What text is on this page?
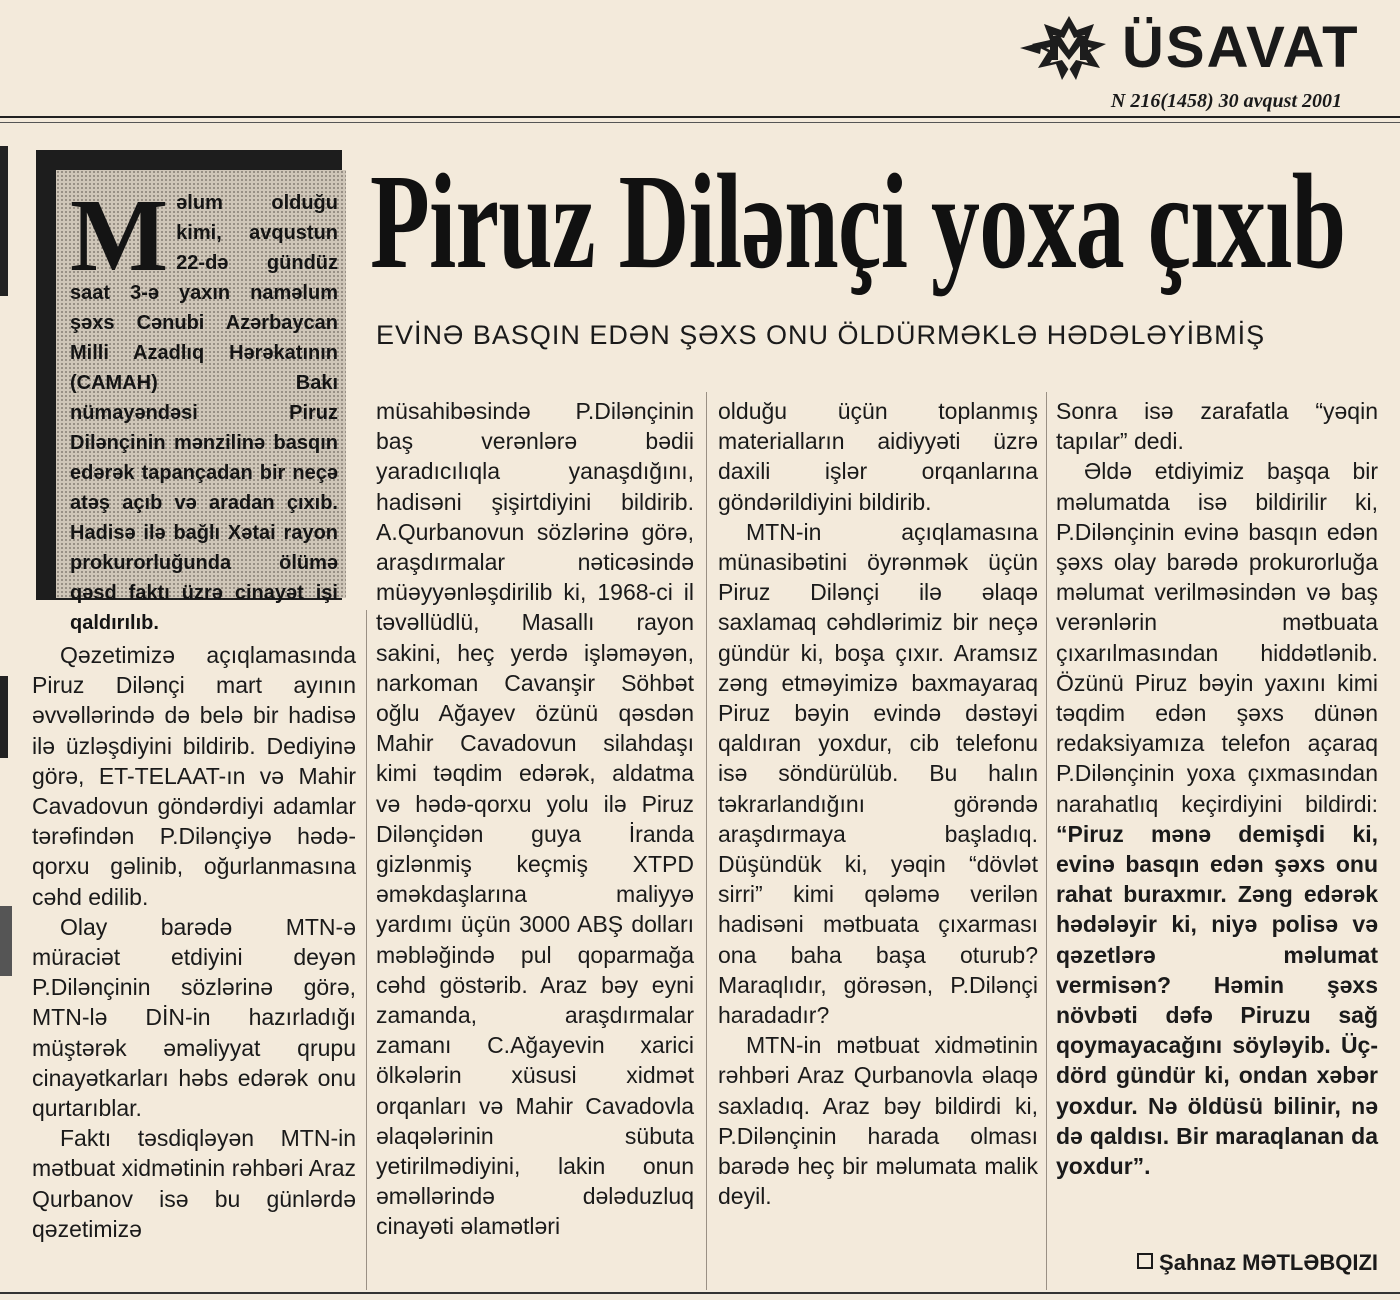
ÜSAVAT
N 216(1458) 30 avqust 2001

Məlum olduğu kimi, avqustun 22-də gündüz saat 3-ə yaxın naməlum şəxs Cənubi Azərbaycan Milli Azadlıq Hərəkatının (CAMAH) Bakı nümayəndəsi Piruz Dilənçinin mənzilinə basqın edərək tapançadan bir neçə atəş açıb və aradan çıxıb. Hadisə ilə bağlı Xətai rayon prokurorluğunda ölümə qəsd faktı üzrə cinayət işi qaldırılıb.

Piruz Dilənçi yoxa çıxıb
EVİNƏ BASQIN EDƏN ŞƏXS ONU ÖLDÜRMƏKLƏ HƏDƏLƏYİBMİŞ

Qəzetimizə açıqlamasında Piruz Dilənçi mart ayının əvvəllərində də belə bir hadisə ilə üzləşdiyini bildirib. Dediyinə görə, ET-TELAAT-ın və Mahir Cavadovun göndərdiyi adamlar tərəfindən P.Dilənçiyə hədə-qorxu gəlinib, oğurlanmasına cəhd edilib.

Olay barədə MTN-ə müraciət etdiyini deyən P.Dilənçinin sözlərinə görə, MTN-lə DİN-in hazırladığı müştərək əməliyyat qrupu cinayətkarları həbs edərək onu qurtarıblar.

Faktı təsdiqləyən MTN-in mətbuat xidmətinin rəhbəri Araz Qurbanov isə bu günlərdə qəzetimizə

müsahibəsində P.Dilənçinin baş verənlərə bədii yaradıcılıqla yanaşdığını, hadisəni şişirtdiyini bildirib. A.Qurbanovun sözlərinə görə, araşdırmalar nəticəsində müəyyənləşdirilib ki, 1968-ci il təvəllüdlü, Masallı rayon sakini, heç yerdə işləməyən, narkoman Cavanşir Söhbət oğlu Ağayev özünü qəsdən Mahir Cavadovun silahdaşı kimi təqdim edərək, aldatma və hədə-qorxu yolu ilə Piruz Dilənçidən guya İranda gizlənmiş keçmiş XTPD əməkdaşlarına maliyyə yardımı üçün 3000 ABŞ dolları məbləğində pul qoparmağa cəhd göstərib. Araz bəy eyni zamanda, araşdırmalar zamanı C.Ağayevin xarici ölkələrin xüsusi xidmət orqanları və Mahir Cavadovla əlaqələrinin sübuta yetirilmədiyini, lakin onun əməllərində dələduzluq cinayəti əlamətləri

olduğu üçün toplanmış materialların aidiyyəti üzrə daxili işlər orqanlarına göndərildiyini bildirib.

MTN-in açıqlamasına münasibətini öyrənmək üçün Piruz Dilənçi ilə əlaqə saxlamaq cəhdlərimiz bir neçə gündür ki, boşa çıxır. Aramsız zəng etməyimizə baxmayaraq Piruz bəyin evində dəstəyi qaldıran yoxdur, cib telefonu isə söndürülüb. Bu halın təkrarlandığını görəndə araşdırmaya başladıq. Düşündük ki, yəqin “dövlət sirri” kimi qələmə verilən hadisəni mətbuata çıxarması ona baha başa oturub? Maraqlıdır, görəsən, P.Dilənçi haradadır?

MTN-in mətbuat xidmətinin rəhbəri Araz Qurbanovla əlaqə saxladıq. Araz bəy bildirdi ki, P.Dilənçinin harada olması barədə heç bir məlumata malik deyil.

Sonra isə zarafatla “yəqin tapılar” dedi.

Əldə etdiyimiz başqa bir məlumatda isə bildirilir ki, P.Dilənçinin evinə basqın edən şəxs olay barədə prokurorluğa məlumat verilməsindən və baş verənlərin mətbuata çıxarılmasından hiddətlənib. Özünü Piruz bəyin yaxını kimi təqdim edən şəxs dünən redaksiyamıza telefon açaraq P.Dilənçinin yoxa çıxmasından narahatlıq keçirdiyini bildirdi: “Piruz mənə demişdi ki, evinə basqın edən şəxs onu rahat buraxmır. Zəng edərək hədələyir ki, niyə polisə və qəzetlərə məlumat vermisən? Həmin şəxs növbəti dəfə Piruzu sağ qoymayacağını söyləyib. Üç-dörd gündür ki, ondan xəbər yoxdur. Nə öldüsü bilinir, nə də qaldısı. Bir maraqlanan da yoxdur”.

Şahnaz MƏTLƏBQIZI
